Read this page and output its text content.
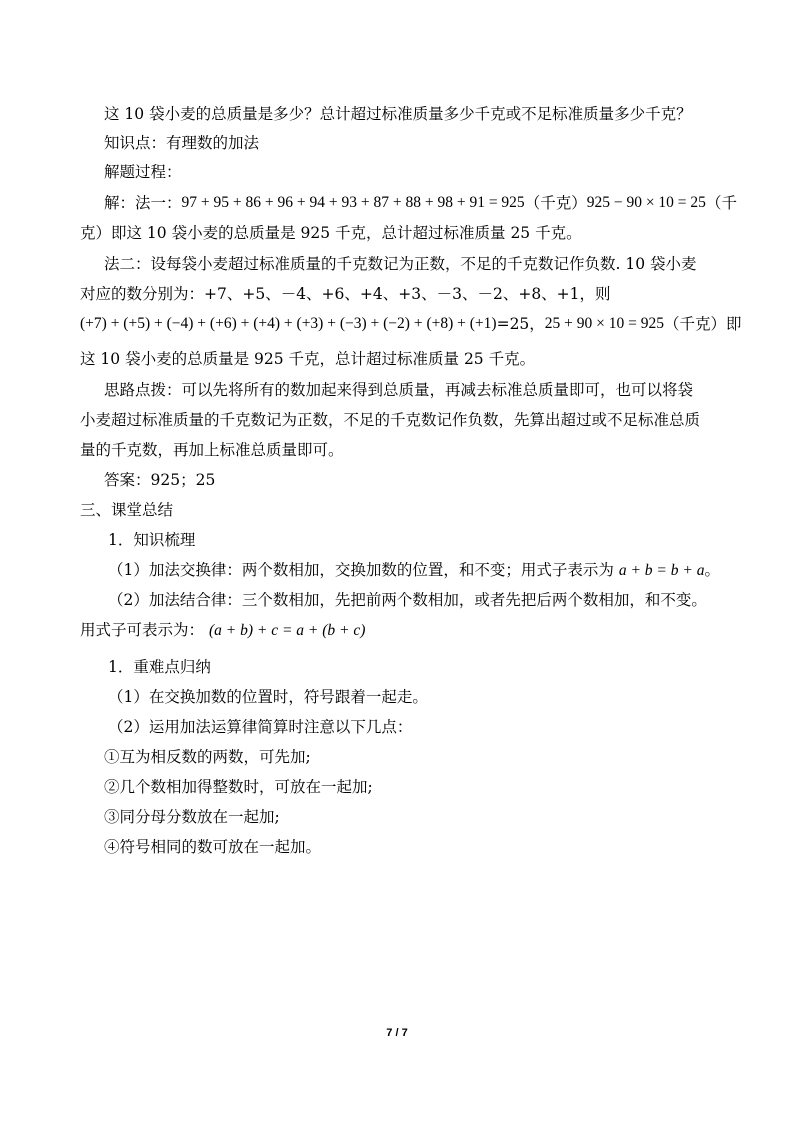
这 10 袋小麦的总质量是多少？总计超过标准质量多少千克或不足标准质量多少千克？
知识点：有理数的加法
解题过程：
解：法一： 97 + 95 + 86 + 96 + 94 + 93 + 87 + 88 + 98 + 91 = 925 （千克） 925 − 90 × 10 = 25 （千
克）即这 10 袋小麦的总质量是 925 千克，总计超过标准质量 25 千克。
法二：设每袋小麦超过标准质量的千克数记为正数，不足的千克数记作负数. 10 袋小麦
对应的数分别为：+7、+5、－4、+6、+4、+3、－3、－2、+8、+1，则
(+7) + (+5) + (−4) + (+6) + (+4) + (+3) + (−3) + (−2) + (+8) + (+1) =25， 25 + 90 × 10 = 925 （千克）即
这 10 袋小麦的总质量是 925 千克，总计超过标准质量 25 千克。
思路点拨：可以先将所有的数加起来得到总质量，再减去标准总质量即可，也可以将袋
小麦超过标准质量的千克数记为正数，不足的千克数记作负数，先算出超过或不足标准总质
量的千克数，再加上标准总质量即可。
答案：925；25
三、课堂总结
1．知识梳理
（1）加法交换律：两个数相加，交换加数的位置，和不变；用式子表示为 a + b = b + a。
（2）加法结合律：三个数相加，先把前两个数相加，或者先把后两个数相加，和不变。
用式子可表示为： (a + b) + c = a + (b + c)
1．重难点归纳
（1）在交换加数的位置时，符号跟着一起走。
（2）运用加法运算律简算时注意以下几点：
①互为相反数的两数，可先加;
②几个数相加得整数时，可放在一起加;
③同分母分数放在一起加;
④符号相同的数可放在一起加。
7 / 7
